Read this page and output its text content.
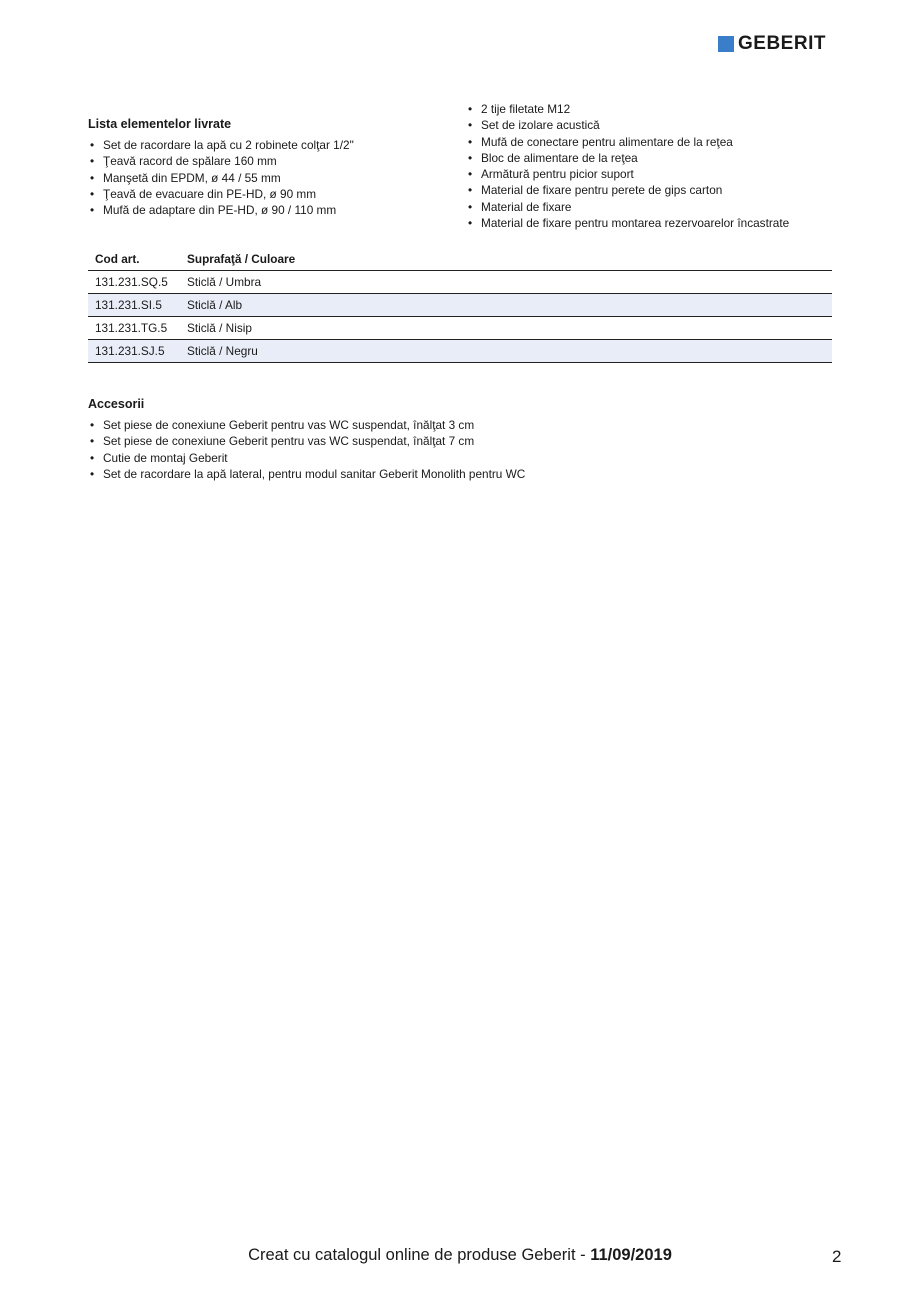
GEBERIT
Lista elementelor livrate
• Set de racordare la apă cu 2 robinete colţar 1/2"
• Ţeavă racord de spălare 160 mm
• Manşetă din EPDM, ø 44 / 55 mm
• Ţeavă de evacuare din PE-HD, ø 90 mm
• Mufă de adaptare din PE-HD, ø 90 / 110 mm
• 2 tije filetate M12
• Set de izolare acustică
• Mufă de conectare pentru alimentare de la reţea
• Bloc de alimentare de la reţea
• Armătură pentru picior suport
• Material de fixare pentru perete de gips carton
• Material de fixare
• Material de fixare pentru montarea rezervoarelor încastrate
Cod art.	Suprafaţă / Culoare
131.231.SQ.5	Sticlă / Umbra
131.231.SI.5	Sticlă / Alb
131.231.TG.5	Sticlă / Nisip
131.231.SJ.5	Sticlă / Negru
Accesorii
• Set piese de conexiune Geberit pentru vas WC suspendat, înălţat 3 cm
• Set piese de conexiune Geberit pentru vas WC suspendat, înălţat 7 cm
• Cutie de montaj Geberit
• Set de racordare la apă lateral, pentru modul sanitar Geberit Monolith pentru WC
Creat cu catalogul online de produse Geberit - 11/09/2019	2
